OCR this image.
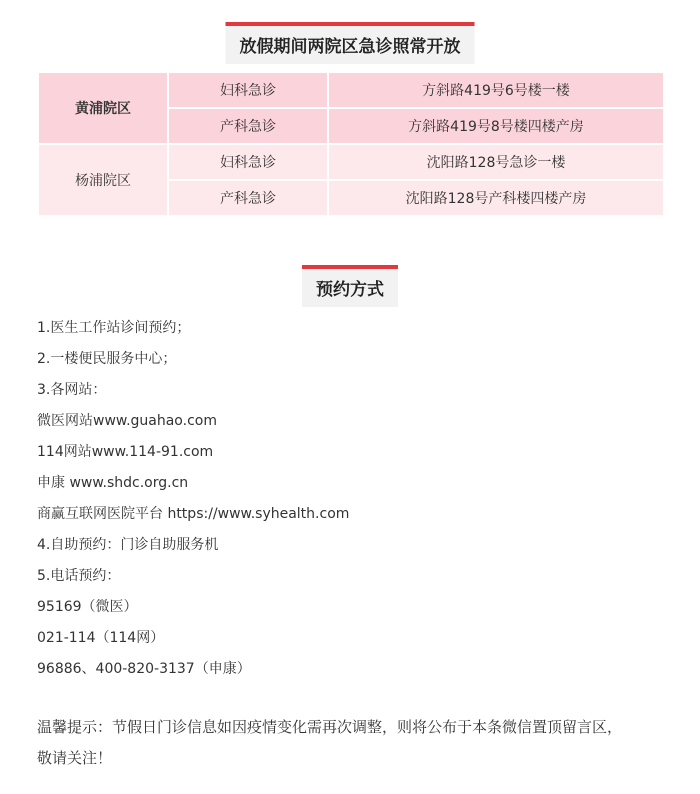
放假期间两院区急诊照常开放
黄浦院区	妇科急诊	方斜路419号6号楼一楼
	产科急诊	方斜路419号8号楼四楼产房
杨浦院区	妇科急诊	沈阳路128号急诊一楼
	产科急诊	沈阳路128号产科楼四楼产房
预约方式
1.医生工作站诊间预约；
2.一楼便民服务中心；
3.各网站：
微医网站www.guahao.com
114网站www.114-91.com
申康 www.shdc.org.cn
商赢互联网医院平台 https://www.syhealth.com
4.自助预约：门诊自助服务机
5.电话预约：
95169（微医）
021-114（114网）
96886、400-820-3137（申康）
温馨提示：节假日门诊信息如因疫情变化需再次调整，则将公布于本条微信置顶留言区，
敬请关注！
